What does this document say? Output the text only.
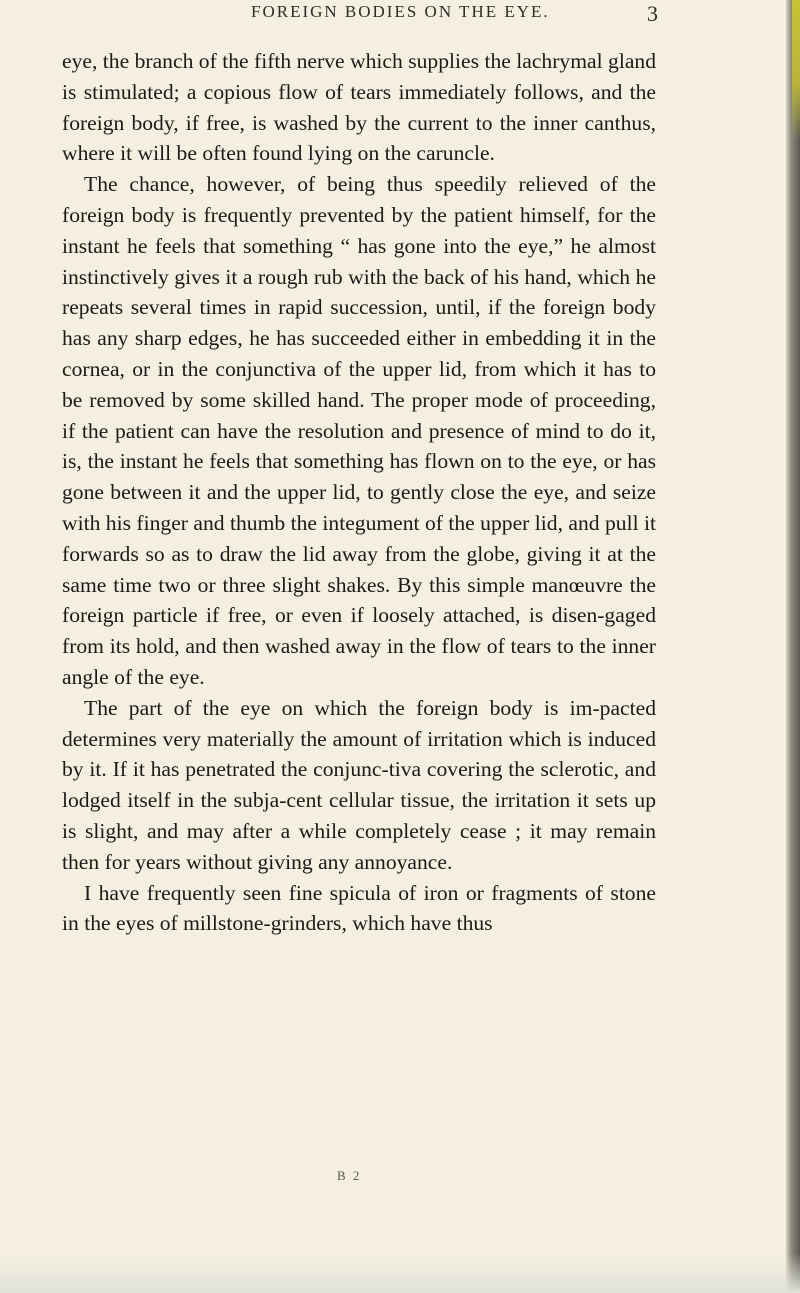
FOREIGN BODIES ON THE EYE.	3

eye, the branch of the fifth nerve which supplies the lachrymal gland is stimulated; a copious flow of tears immediately follows, and the foreign body, if free, is washed by the current to the inner canthus, where it will be often found lying on the caruncle.

The chance, however, of being thus speedily relieved of the foreign body is frequently prevented by the patient himself, for the instant he feels that something “ has gone into the eye,” he almost instinctively gives it a rough rub with the back of his hand, which he repeats several times in rapid succession, until, if the foreign body has any sharp edges, he has succeeded either in embedding it in the cornea, or in the conjunctiva of the upper lid, from which it has to be removed by some skilled hand. The proper mode of proceeding, if the patient can have the resolution and presence of mind to do it, is, the instant he feels that something has flown on to the eye, or has gone between it and the upper lid, to gently close the eye, and seize with his finger and thumb the integument of the upper lid, and pull it forwards so as to draw the lid away from the globe, giving it at the same time two or three slight shakes. By this simple manœuvre the foreign particle if free, or even if loosely attached, is disen-gaged from its hold, and then washed away in the flow of tears to the inner angle of the eye.

The part of the eye on which the foreign body is im-pacted determines very materially the amount of irritation which is induced by it. If it has penetrated the conjunc-tiva covering the sclerotic, and lodged itself in the subja-cent cellular tissue, the irritation it sets up is slight, and may after a while completely cease ; it may remain then for years without giving any annoyance.

I have frequently seen fine spicula of iron or fragments of stone in the eyes of millstone-grinders, which have thus

B 2
